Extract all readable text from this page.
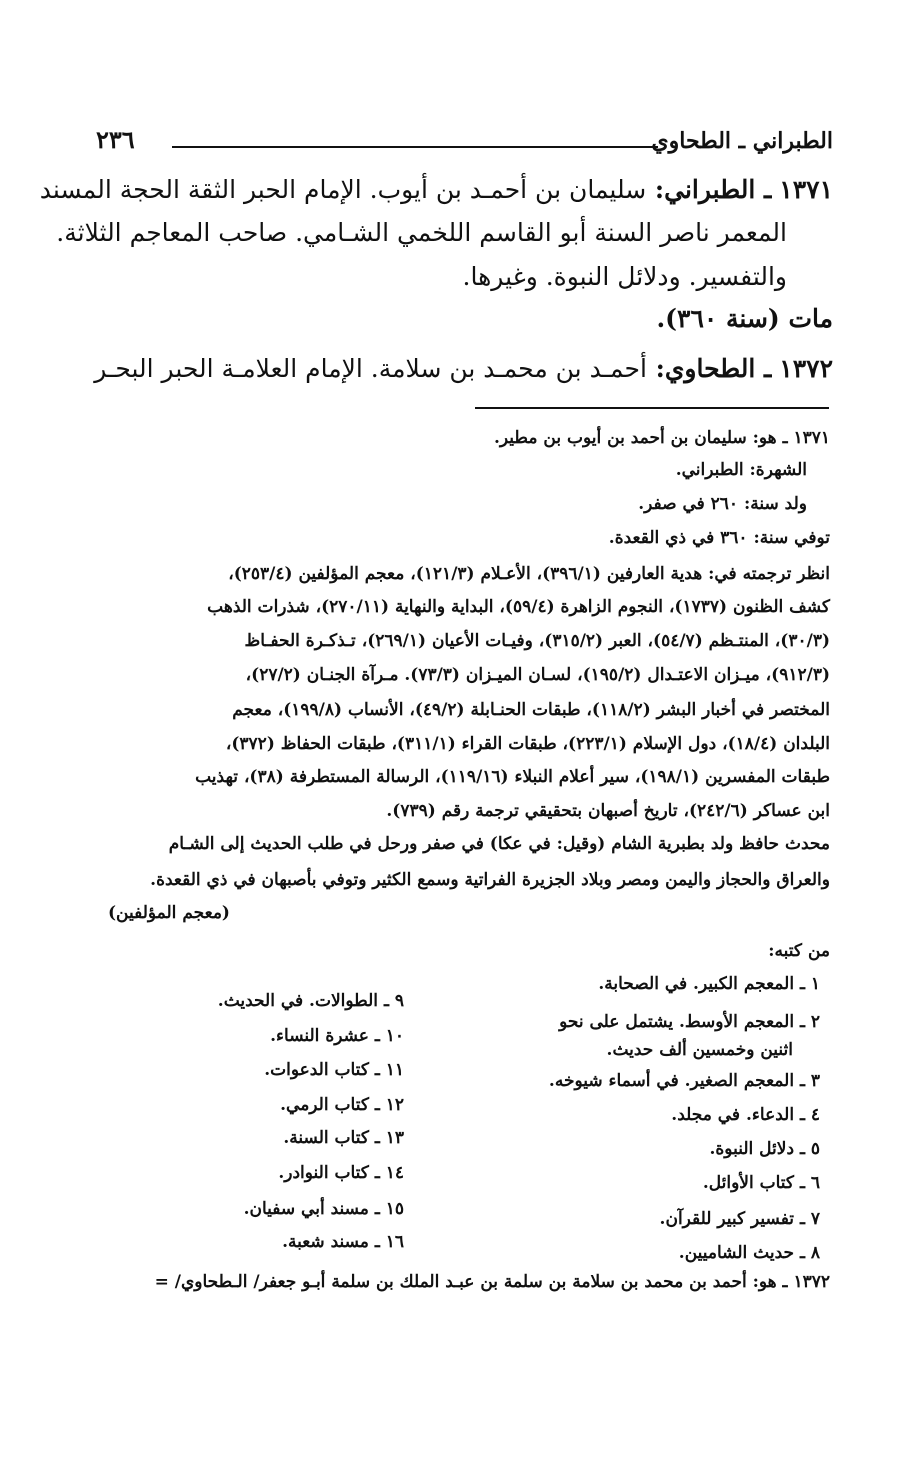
الطبراني ـ الطحاوي
٢٣٦
١٣٧١ ـ الطبراني: سليمان بن أحمـد بن أيوب. الإمام الحبر الثقة الحجة المسند
المعمر ناصر السنة أبو القاسم اللخمي الشـامي. صاحب المعاجم الثلاثة.
والتفسير. ودلائل النبوة. وغيرها.
مات (سنة ٣٦٠).
١٣٧٢ ـ الطحاوي: أحمـد بن محمـد بن سلامة. الإمام العلامـة الحبر البحـر
١٣٧١ ـ هو: سليمان بن أحمد بن أيوب بن مطير.
الشهرة: الطبراني.
ولد سنة: ٢٦٠ في صفر.
توفي سنة: ٣٦٠ في ذي القعدة.
انظر ترجمته في: هدية العارفين (٣٩٦/١)، الأعـلام (١٢١/٣)، معجم المؤلفين (٢٥٣/٤)،
كشف الظنون (١٧٣٧)، النجوم الزاهرة (٥٩/٤)، البداية والنهاية (٢٧٠/١١)، شذرات الذهب
(٣٠/٣)، المنتـظم (٥٤/٧)، العبر (٣١٥/٢)، وفيـات الأعيان (٢٦٩/١)، تـذكـرة الحفـاظ
(٩١٢/٣)، ميـزان الاعتـدال (١٩٥/٢)، لسـان الميـزان (٧٣/٣). مـرآة الجنـان (٢٧/٢)،
المختصر في أخبار البشر (١١٨/٢)، طبقات الحنـابلة (٤٩/٢)، الأنساب (١٩٩/٨)، معجم
البلدان (١٨/٤)، دول الإسلام (٢٢٣/١)، طبقات القراء (٣١١/١)، طبقات الحفاظ (٣٧٢)،
طبقات المفسرين (١٩٨/١)، سير أعلام النبلاء (١١٩/١٦)، الرسالة المستطرفة (٣٨)، تهذيب
ابن عساكر (٢٤٢/٦)، تاريخ أصبهان بتحقيقي ترجمة رقم (٧٣٩).
محدث حافظ ولد بطبرية الشام (وقيل: في عكا) في صفر ورحل في طلب الحديث إلى الشـام
والعراق والحجاز واليمن ومصر وبلاد الجزيرة الفراتية وسمع الكثير وتوفي بأصبهان في ذي القعدة.
(معجم المؤلفين)
من كتبه:
١ ـ المعجم الكبير. في الصحابة.
٢ ـ المعجم الأوسط. يشتمل على نحو
اثنين وخمسين ألف حديث.
٣ ـ المعجم الصغير. في أسماء شيوخه.
٤ ـ الدعاء. في مجلد.
٥ ـ دلائل النبوة.
٦ ـ كتاب الأوائل.
٧ ـ تفسير كبير للقرآن.
٨ ـ حديث الشاميين.
٩ ـ الطوالات. في الحديث.
١٠ ـ عشرة النساء.
١١ ـ كتاب الدعوات.
١٢ ـ كتاب الرمي.
١٣ ـ كتاب السنة.
١٤ ـ كتاب النوادر.
١٥ ـ مسند أبي سفيان.
١٦ ـ مسند شعبة.
١٣٧٢ ـ هو: أحمد بن محمد بن سلامة بن سلمة بن عبـد الملك بن سلمة أبـو جعفر/ الـطحاوي/ =
